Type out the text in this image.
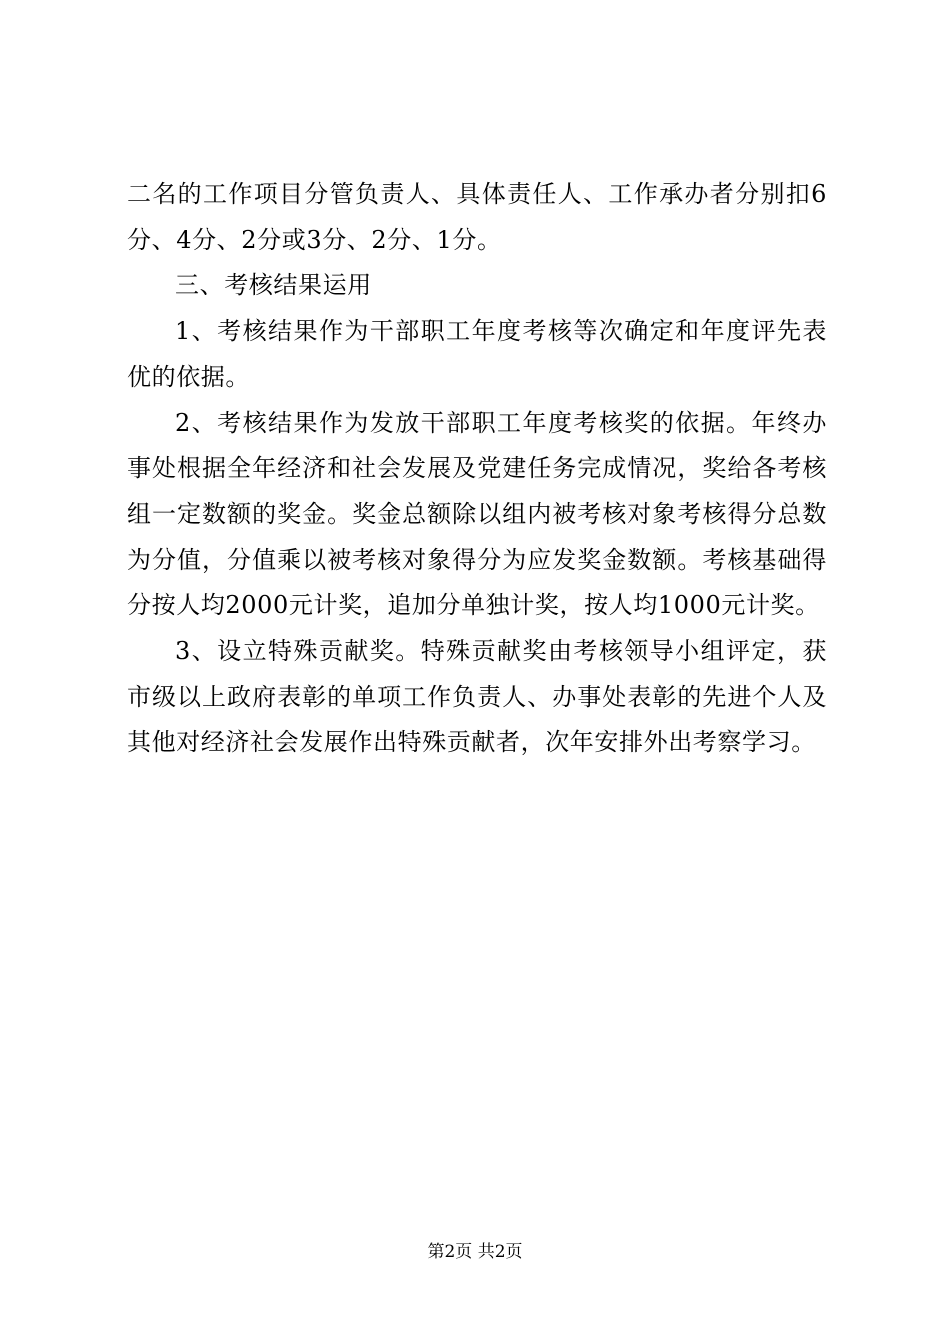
二名的工作项目分管负责人、具体责任人、工作承办者分别扣6分、4分、2分或3分、2分、1分。

三、考核结果运用

1、考核结果作为干部职工年度考核等次确定和年度评先表优的依据。

2、考核结果作为发放干部职工年度考核奖的依据。年终办事处根据全年经济和社会发展及党建任务完成情况，奖给各考核组一定数额的奖金。奖金总额除以组内被考核对象考核得分总数为分值，分值乘以被考核对象得分为应发奖金数额。考核基础得分按人均2000元计奖，追加分单独计奖，按人均1000元计奖。

3、设立特殊贡献奖。特殊贡献奖由考核领导小组评定，获市级以上政府表彰的单项工作负责人、办事处表彰的先进个人及其他对经济社会发展作出特殊贡献者，次年安排外出考察学习。

第2页 共2页
